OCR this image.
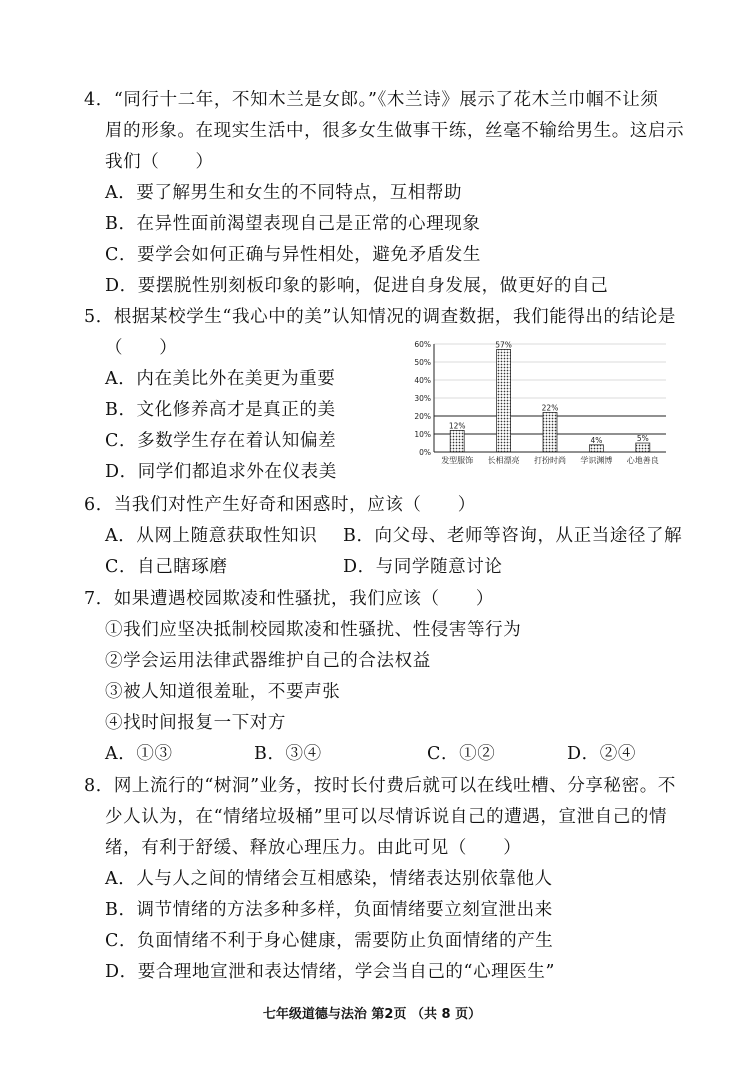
4．“同行十二年，不知木兰是女郎。”《木兰诗》展示了花木兰巾帼不让须
眉的形象。在现实生活中，很多女生做事干练，丝毫不输给男生。这启示
我们（　　）
A．要了解男生和女生的不同特点，互相帮助
B．在异性面前渴望表现自己是正常的心理现象
C．要学会如何正确与异性相处，避免矛盾发生
D．要摆脱性别刻板印象的影响，促进自身发展，做更好的自己
5．根据某校学生“我心中的美”认知情况的调查数据，我们能得出的结论是
（　　）
A．内在美比外在美更为重要
B．文化修养高才是真正的美
C．多数学生存在着认知偏差
D．同学们都追求外在仪表美
0%
10%
20%
30%
40%
50%
60%
12%
57%
22%
4%	5%
发型服饰 长相漂亮 打扮时尚 学识渊博 心地善良
6．当我们对性产生好奇和困惑时，应该（　　）
A．从网上随意获取性知识 B．向父母、老师等咨询，从正当途径了解
C．自己瞎琢磨	D．与同学随意讨论
7．如果遭遇校园欺凌和性骚扰，我们应该（　　）
①我们应坚决抵制校园欺凌和性骚扰、性侵害等行为
②学会运用法律武器维护自己的合法权益
③被人知道很羞耻，不要声张
④找时间报复一下对方
A．①③	B．③④	C．①②	D．②④
8．网上流行的“树洞”业务，按时长付费后就可以在线吐槽、分享秘密。不
少人认为，在“情绪垃圾桶”里可以尽情诉说自己的遭遇，宣泄自己的情
绪，有利于舒缓、释放心理压力。由此可见（　　）
A．人与人之间的情绪会互相感染，情绪表达别依靠他人
B．调节情绪的方法多种多样，负面情绪要立刻宣泄出来
C．负面情绪不利于身心健康，需要防止负面情绪的产生
D．要合理地宣泄和表达情绪，学会当自己的“心理医生”
七年级道德与法治 第2页 （共 8 页）
